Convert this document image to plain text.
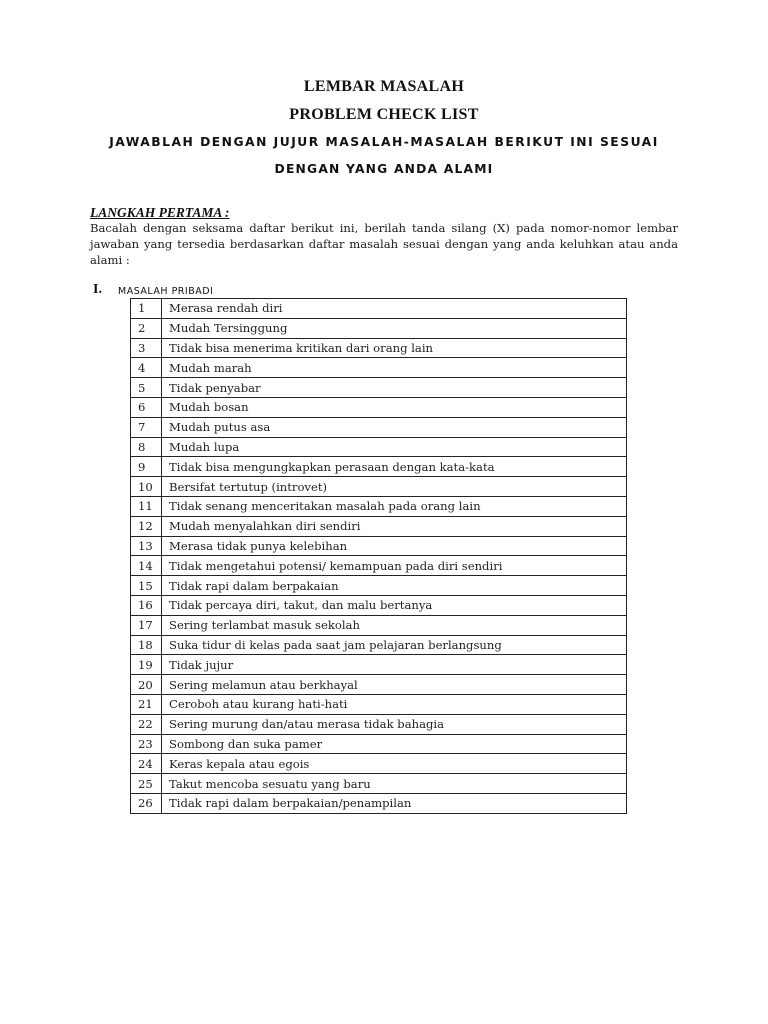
LEMBAR MASALAH
PROBLEM CHECK LIST
JAWABLAH DENGAN JUJUR MASALAH-MASALAH BERIKUT INI SESUAI
DENGAN YANG ANDA ALAMI
LANGKAH PERTAMA :
Bacalah dengan seksama daftar berikut ini, berilah tanda silang (X) pada nomor-nomor lembar jawaban yang tersedia berdasarkan daftar masalah sesuai dengan yang anda keluhkan atau anda alami :
I. MASALAH PRIBADI
1	Merasa rendah diri
2	Mudah Tersinggung
3	Tidak bisa menerima kritikan dari orang lain
4	Mudah marah
5	Tidak penyabar
6	Mudah bosan
7	Mudah putus asa
8	Mudah lupa
9	Tidak bisa mengungkapkan perasaan dengan kata-kata
10	Bersifat tertutup (introvet)
11	Tidak senang menceritakan masalah pada orang lain
12	Mudah menyalahkan diri sendiri
13	Merasa tidak punya kelebihan
14	Tidak mengetahui potensi/ kemampuan pada diri sendiri
15	Tidak rapi dalam berpakaian
16	Tidak percaya diri, takut, dan malu bertanya
17	Sering terlambat masuk sekolah
18	Suka tidur di kelas pada saat jam pelajaran berlangsung
19	Tidak jujur
20	Sering melamun atau berkhayal
21	Ceroboh atau kurang hati-hati
22	Sering murung dan/atau merasa tidak bahagia
23	Sombong dan suka pamer
24	Keras kepala atau egois
25	Takut mencoba sesuatu yang baru
26	Tidak rapi dalam berpakaian/penampilan
